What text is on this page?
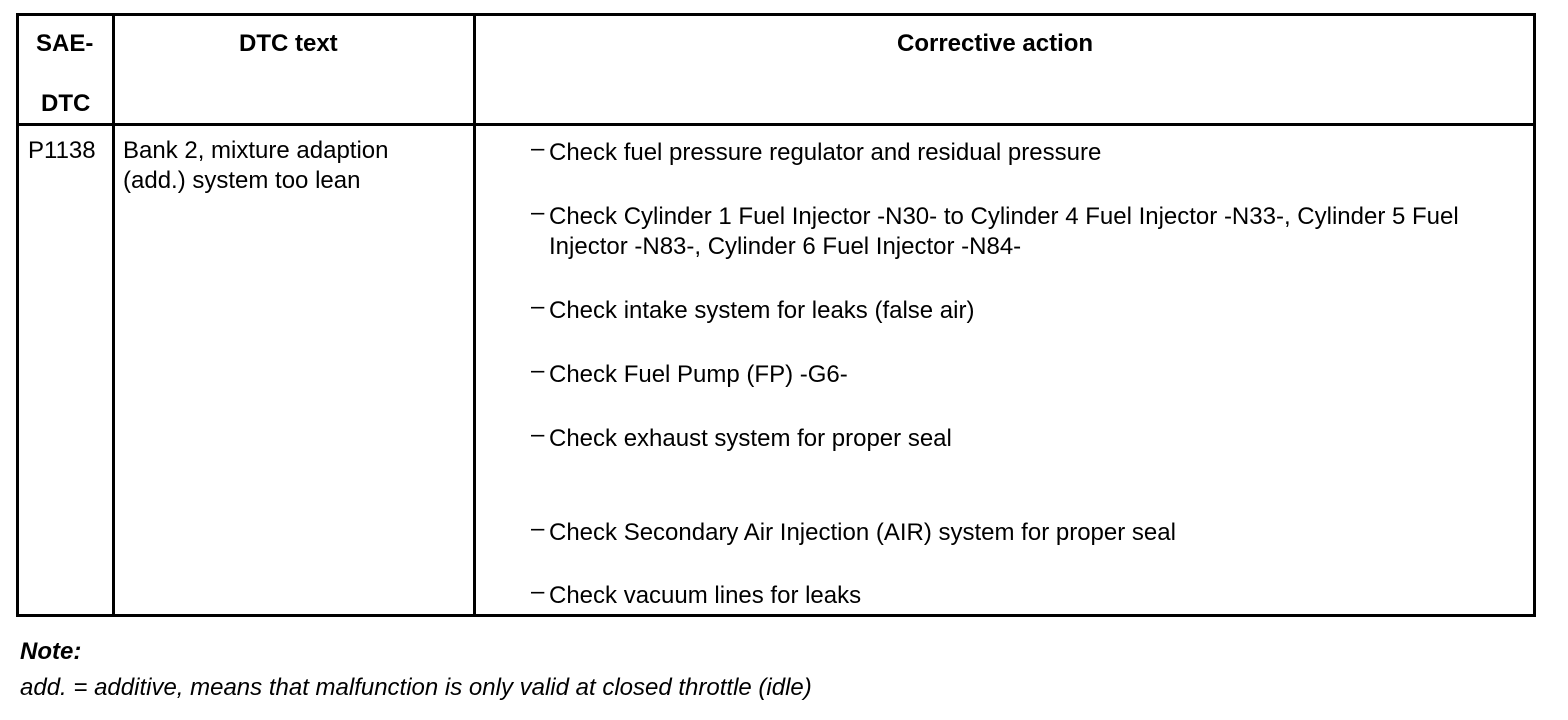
SAE-
DTC
DTC text	Corrective action
P1138 Bank 2, mixture adaption
(add.) system too lean
– Check fuel pressure regulator and residual pressure
– Check Cylinder 1 Fuel Injector -N30- to Cylinder 4 Fuel Injector -N33-, Cylinder 5 Fuel Injector -N83-, Cylinder 6 Fuel Injector -N84-
– Check intake system for leaks (false air)
– Check Fuel Pump (FP) -G6-
– Check exhaust system for proper seal
– Check Secondary Air Injection (AIR) system for proper seal
– Check vacuum lines for leaks
Note:
add. = additive, means that malfunction is only valid at closed throttle (idle)
